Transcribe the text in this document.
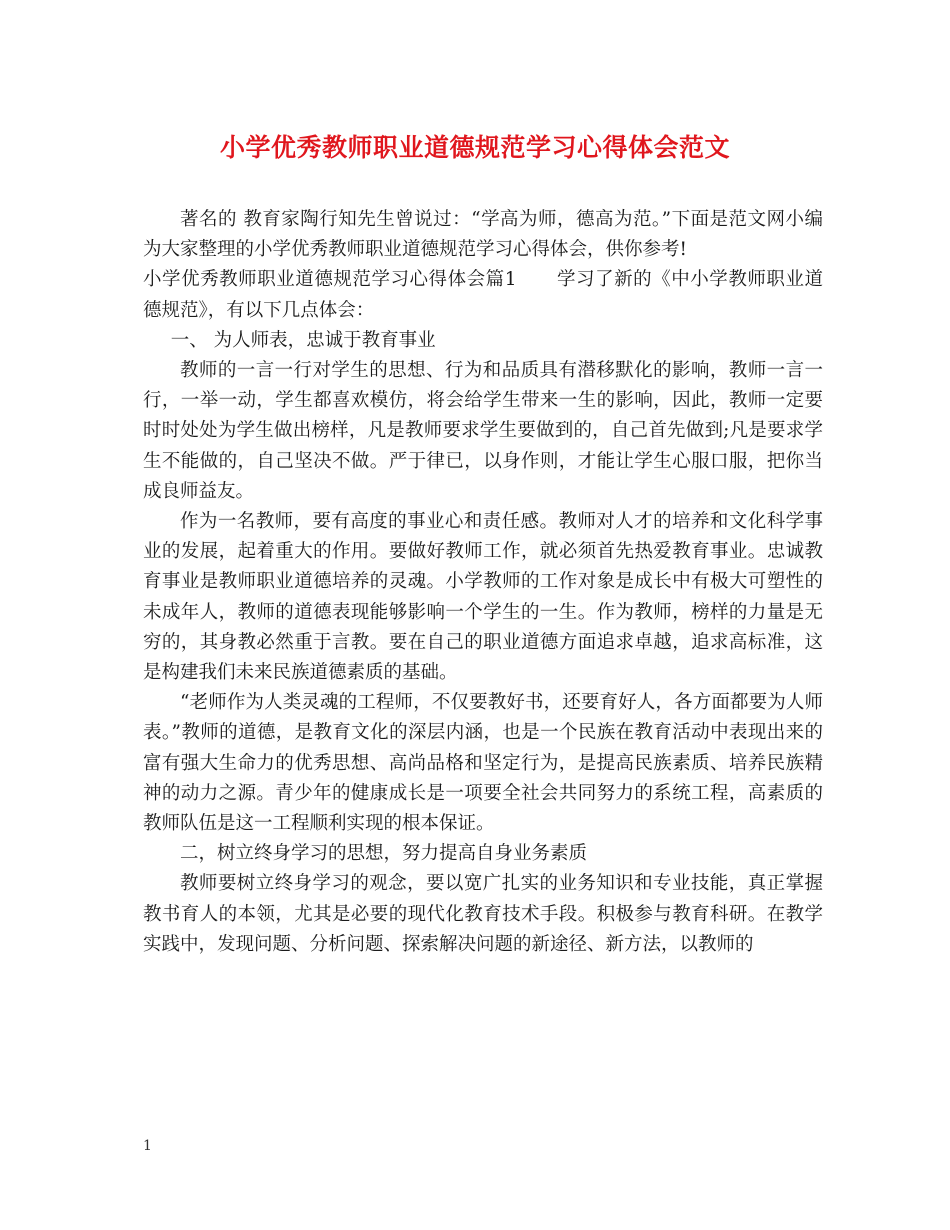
小学优秀教师职业道德规范学习心得体会范文

著名的 教育家陶行知先生曾说过：“学高为师，德高为范。”下面是范文网小编为大家整理的小学优秀教师职业道德规范学习心得体会，供你参考!

小学优秀教师职业道德规范学习心得体会篇1 学习了新的《中小学教师职业道德规范》，有以下几点体会：

一、 为人师表，忠诚于教育事业

教师的一言一行对学生的思想、行为和品质具有潜移默化的影响，教师一言一行，一举一动，学生都喜欢模仿，将会给学生带来一生的影响，因此，教师一定要时时处处为学生做出榜样，凡是教师要求学生要做到的，自己首先做到;凡是要求学生不能做的，自己坚决不做。严于律已，以身作则，才能让学生心服口服，把你当成良师益友。

作为一名教师，要有高度的事业心和责任感。教师对人才的培养和文化科学事业的发展，起着重大的作用。要做好教师工作，就必须首先热爱教育事业。忠诚教育事业是教师职业道德培养的灵魂。小学教师的工作对象是成长中有极大可塑性的未成年人，教师的道德表现能够影响一个学生的一生。作为教师，榜样的力量是无穷的，其身教必然重于言教。要在自己的职业道德方面追求卓越，追求高标准，这是构建我们未来民族道德素质的基础。

“老师作为人类灵魂的工程师，不仅要教好书，还要育好人，各方面都要为人师表。”教师的道德，是教育文化的深层内涵，也是一个民族在教育活动中表现出来的富有强大生命力的优秀思想、高尚品格和坚定行为，是提高民族素质、培养民族精神的动力之源。青少年的健康成长是一项要全社会共同努力的系统工程，高素质的教师队伍是这一工程顺利实现的根本保证。

二，树立终身学习的思想，努力提高自身业务素质

教师要树立终身学习的观念，要以宽广扎实的业务知识和专业技能，真正掌握教书育人的本领，尤其是必要的现代化教育技术手段。积极参与教育科研。在教学实践中，发现问题、分析问题、探索解决问题的新途径、新方法，以教师的

1
